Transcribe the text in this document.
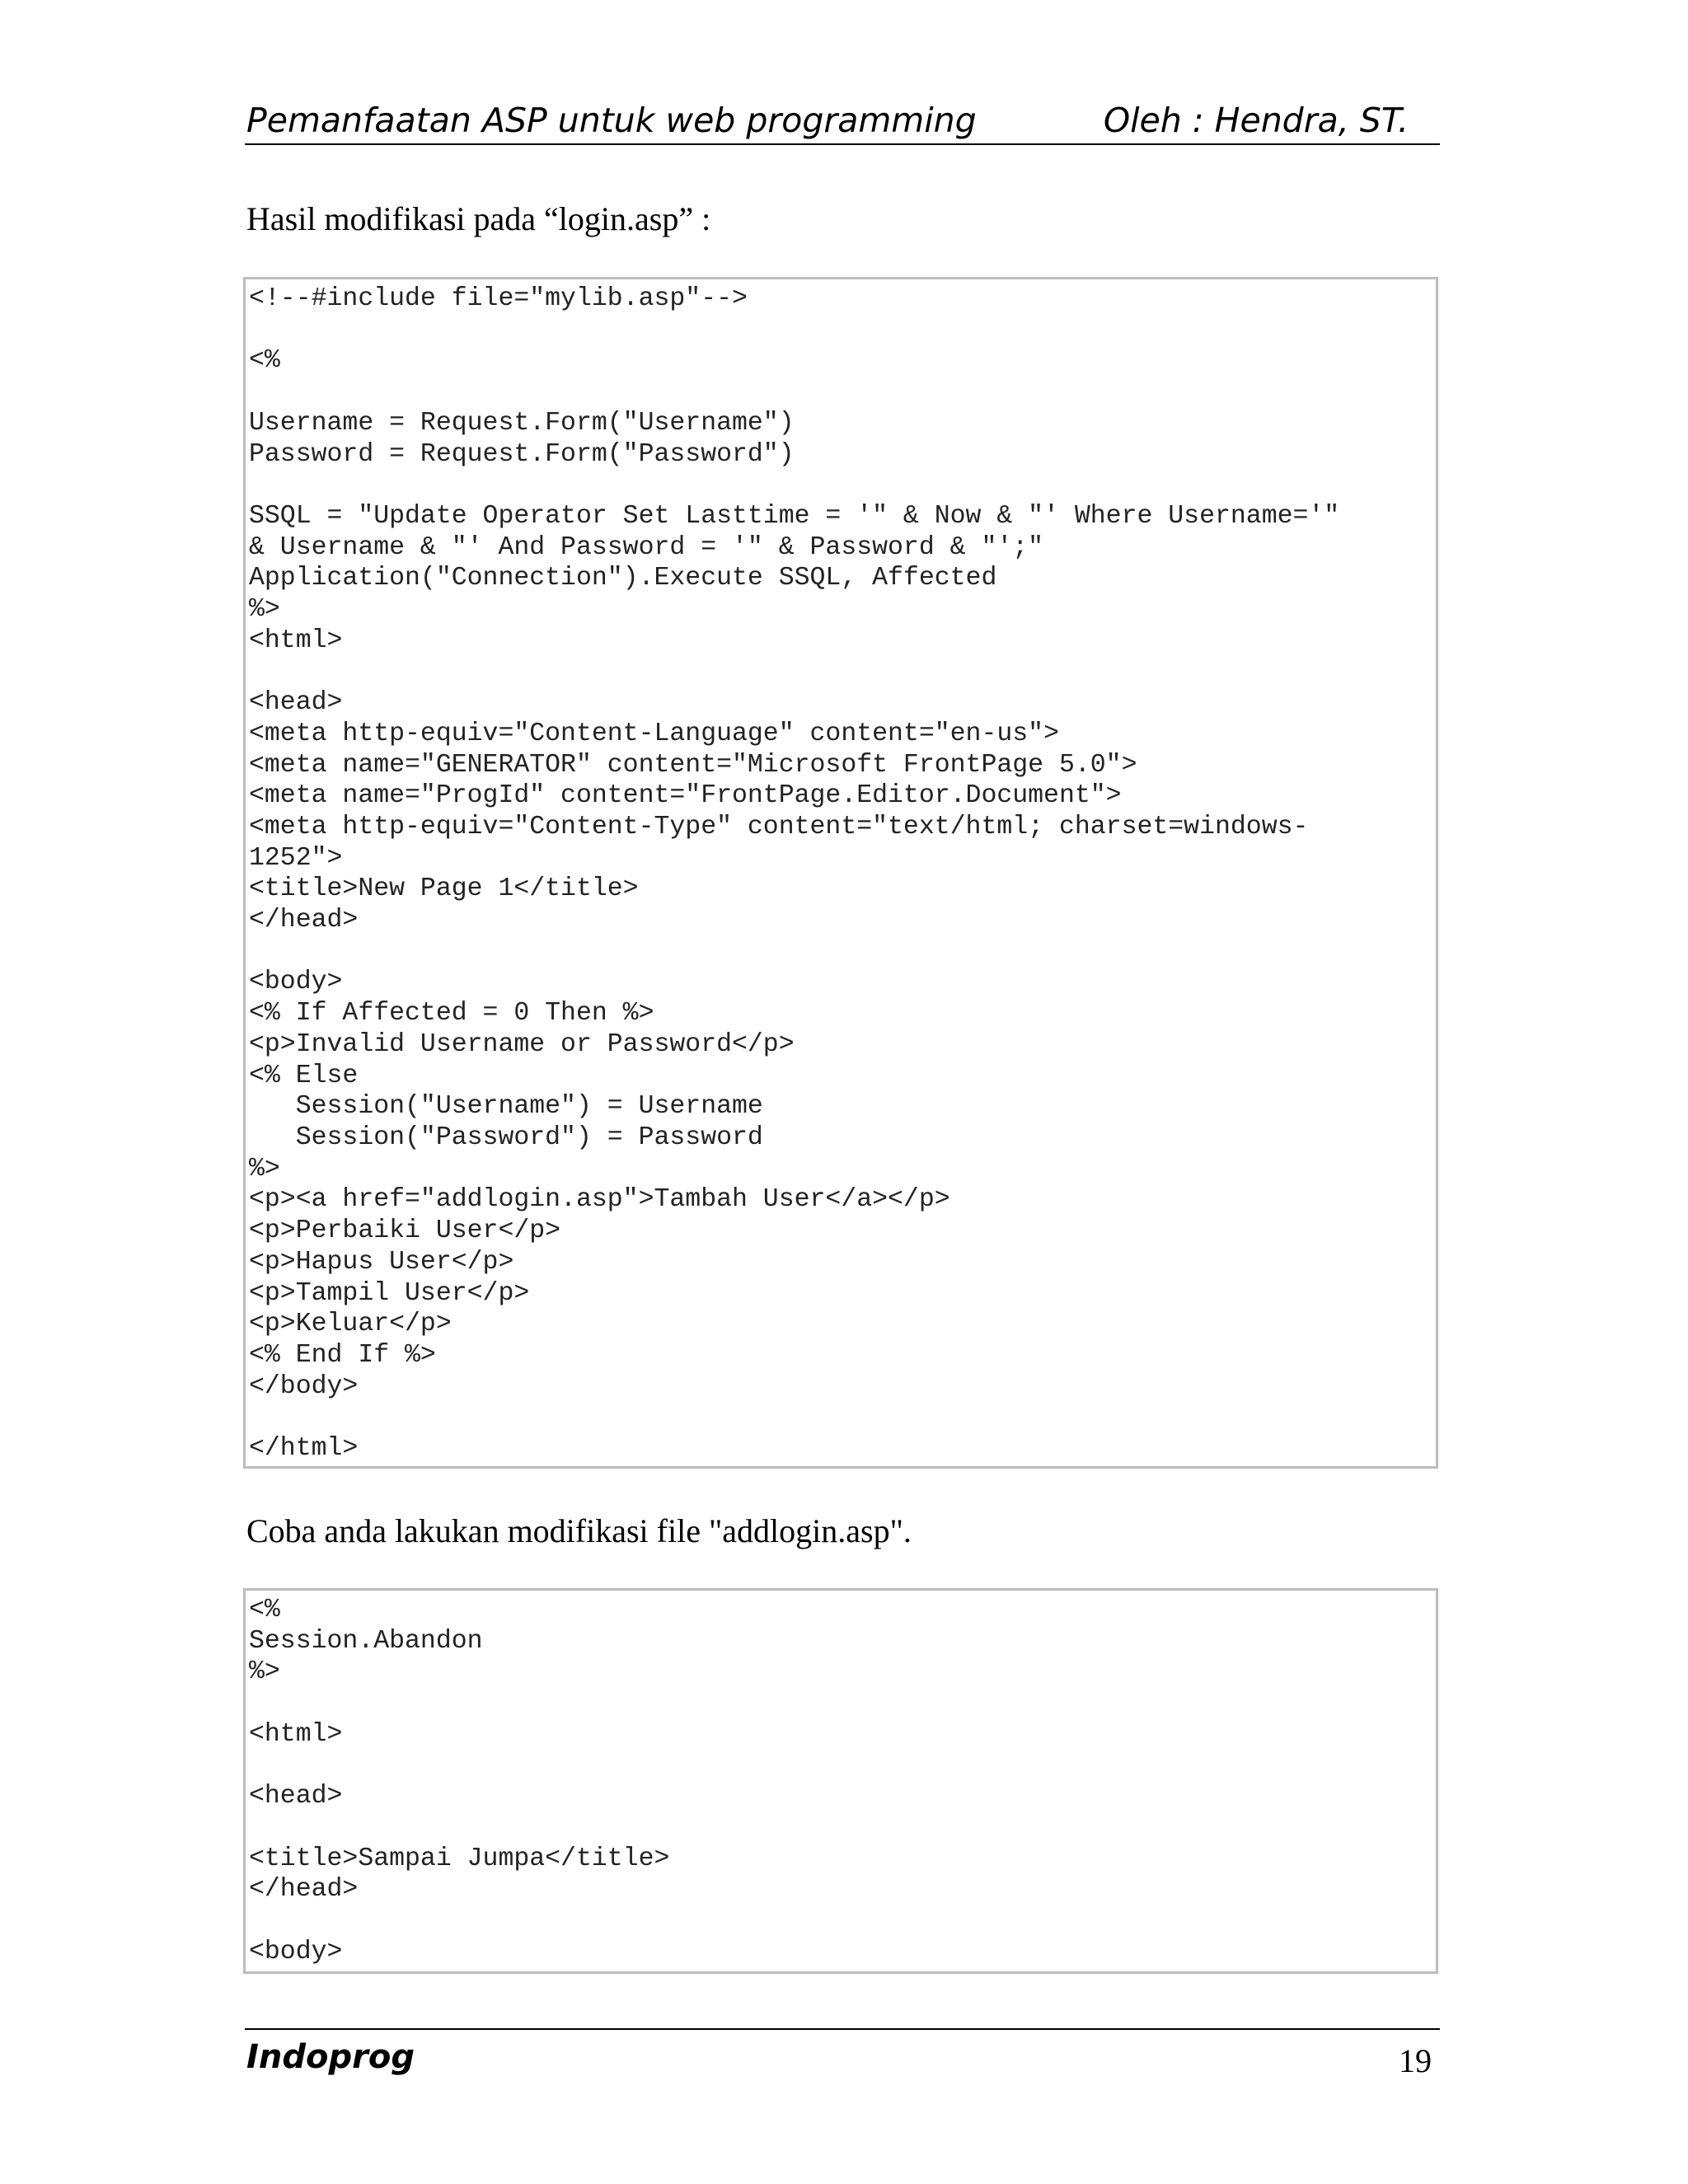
Pemanfaatan ASP untuk web programming	Oleh : Hendra, ST.
Hasil modifikasi pada “login.asp” :
<!--#include file="mylib.asp"-->

<%

Username = Request.Form("Username")
Password = Request.Form("Password")

SSQL = "Update Operator Set Lasttime = '" & Now & "' Where Username='"
& Username & "' And Password = '" & Password & "';"
Application("Connection").Execute SSQL, Affected
%>
<html>

<head>
<meta http-equiv="Content-Language" content="en-us">
<meta name="GENERATOR" content="Microsoft FrontPage 5.0">
<meta name="ProgId" content="FrontPage.Editor.Document">
<meta http-equiv="Content-Type" content="text/html; charset=windows-
1252">
<title>New Page 1</title>
</head>

<body>
<% If Affected = 0 Then %>
<p>Invalid Username or Password</p>
<% Else
Session("Username") = Username
Session("Password") = Password
%>
<p><a href="addlogin.asp">Tambah User</a></p>
<p>Perbaiki User</p>
<p>Hapus User</p>
<p>Tampil User</p>
<p>Keluar</p>
<% End If %>
</body>

</html>
Coba anda lakukan modifikasi file "addlogin.asp".
<%
Session.Abandon
%>

<html>

<head>

<title>Sampai Jumpa</title>
</head>

<body>
Indoprog	19
